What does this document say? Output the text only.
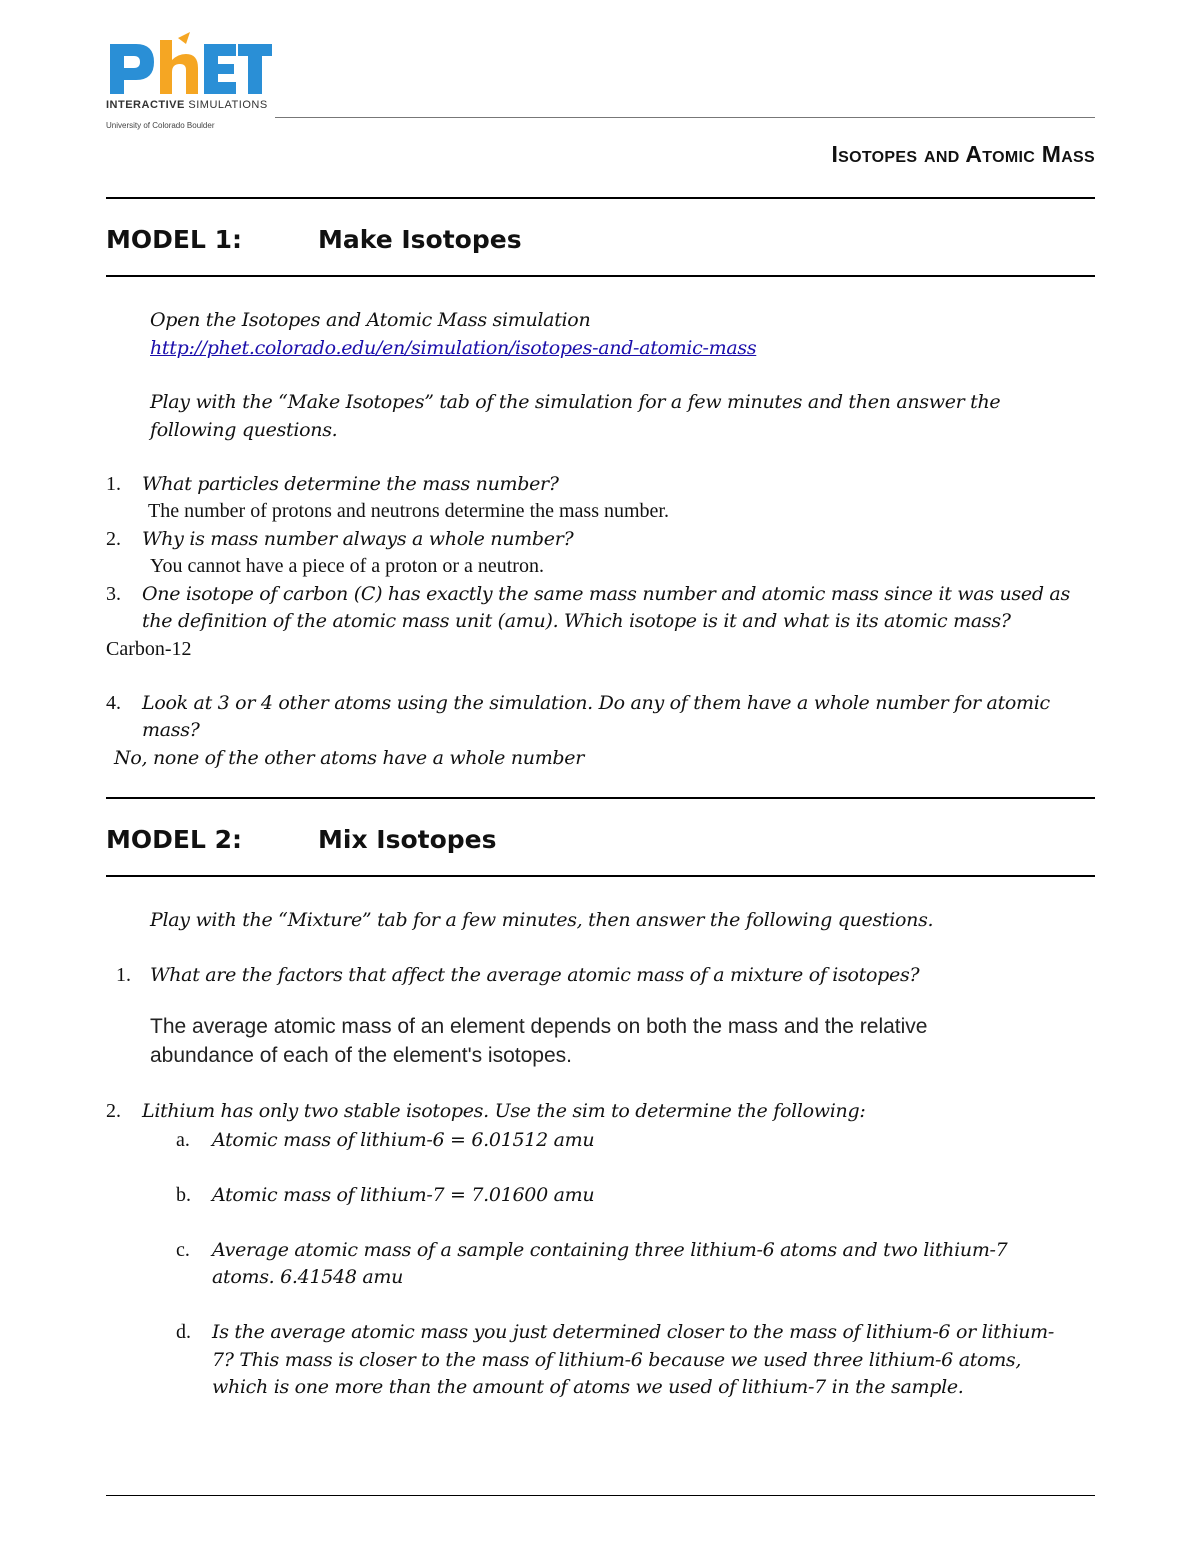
INTERACTIVE SIMULATIONS
University of Colorado Boulder
Isotopes and Atomic Mass
MODEL 1:	Make Isotopes
Open the Isotopes and Atomic Mass simulation
http://phet.colorado.edu/en/simulation/isotopes-and-atomic-mass
Play with the “Make Isotopes” tab of the simulation for a few minutes and then answer the
following questions.
1. What particles determine the mass number?
The number of protons and neutrons determine the mass number.
2. Why is mass number always a whole number?
You cannot have a piece of a proton or a neutron.
3. One isotope of carbon (C) has exactly the same mass number and atomic mass since it was used as
the definition of the atomic mass unit (amu). Which isotope is it and what is its atomic mass?
Carbon-12
4. Look at 3 or 4 other atoms using the simulation. Do any of them have a whole number for atomic
mass?
No, none of the other atoms have a whole number
MODEL 2:	Mix Isotopes
Play with the “Mixture” tab for a few minutes, then answer the following questions.
1. What are the factors that affect the average atomic mass of a mixture of isotopes?
The average atomic mass of an element depends on both the mass and the relative
abundance of each of the element's isotopes.
2. Lithium has only two stable isotopes. Use the sim to determine the following:
a. Atomic mass of lithium-6 = 6.01512 amu
b. Atomic mass of lithium-7 = 7.01600 amu
c. Average atomic mass of a sample containing three lithium-6 atoms and two lithium-7
atoms. 6.41548 amu
d. Is the average atomic mass you just determined closer to the mass of lithium-6 or lithium-
7? This mass is closer to the mass of lithium-6 because we used three lithium-6 atoms,
which is one more than the amount of atoms we used of lithium-7 in the sample.
